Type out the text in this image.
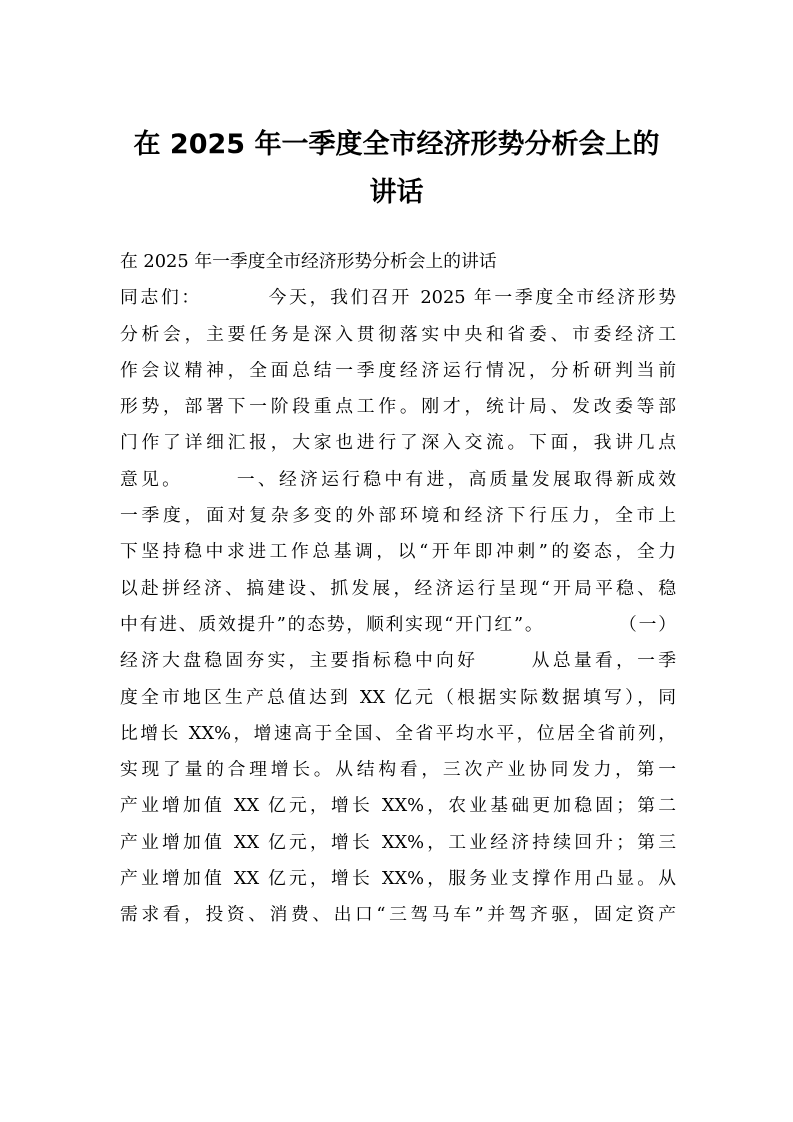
在 2025 年一季度全市经济形势分析会上的
讲话
在 2025 年一季度全市经济形势分析会上的讲话
同志们：        今天，我们召开 2025 年一季度全市经济形势
分析会，主要任务是深入贯彻落实中央和省委、市委经济工
作会议精神，全面总结一季度经济运行情况，分析研判当前
形势，部署下一阶段重点工作。刚才，统计局、发改委等部
门作了详细汇报，大家也进行了深入交流。下面，我讲几点
意见。      一、经济运行稳中有进，高质量发展取得新成效
一季度，面对复杂多变的外部环境和经济下行压力，全市上
下坚持稳中求进工作总基调，以“开年即冲刺”的姿态，全力
以赴拼经济、搞建设、抓发展，经济运行呈现“开局平稳、稳
中有进、质效提升”的态势，顺利实现“开门红”。          （一）
经济大盘稳固夯实，主要指标稳中向好      从总量看，一季
度全市地区生产总值达到 XX 亿元（根据实际数据填写），同
比增长 XX%，增速高于全国、全省平均水平，位居全省前列，
实现了量的合理增长。从结构看，三次产业协同发力，第一
产业增加值 XX 亿元，增长 XX%，农业基础更加稳固；第二
产业增加值 XX 亿元，增长 XX%，工业经济持续回升；第三
产业增加值 XX 亿元，增长 XX%，服务业支撑作用凸显。从
需求看，投资、消费、出口“三驾马车”并驾齐驱，固定资产
